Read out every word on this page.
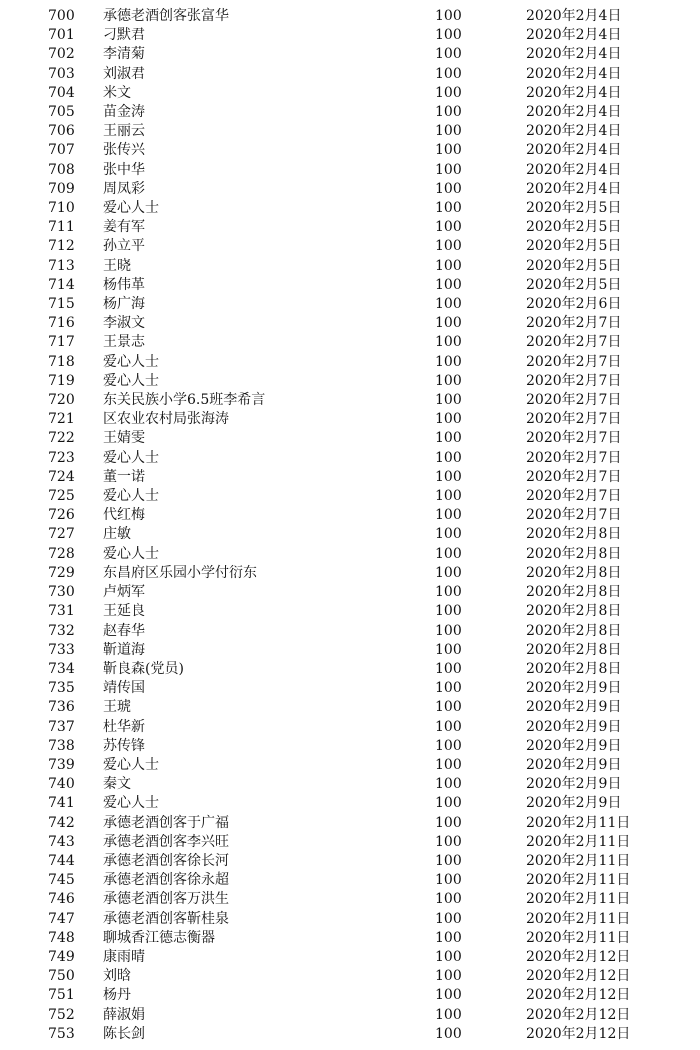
700	承德老酒创客张富华	100	2020年2月4日
701	刁默君	100	2020年2月4日
702	李清菊	100	2020年2月4日
703	刘淑君	100	2020年2月4日
704	米文	100	2020年2月4日
705	苗金涛	100	2020年2月4日
706	王丽云	100	2020年2月4日
707	张传兴	100	2020年2月4日
708	张中华	100	2020年2月4日
709	周凤彩	100	2020年2月4日
710	爱心人士	100	2020年2月5日
711	姜有军	100	2020年2月5日
712	孙立平	100	2020年2月5日
713	王晓	100	2020年2月5日
714	杨伟革	100	2020年2月5日
715	杨广海	100	2020年2月6日
716	李淑文	100	2020年2月7日
717	王景志	100	2020年2月7日
718	爱心人士	100	2020年2月7日
719	爱心人士	100	2020年2月7日
720	东关民族小学6.5班李希言	100	2020年2月7日
721	区农业农村局张海涛	100	2020年2月7日
722	王婧雯	100	2020年2月7日
723	爱心人士	100	2020年2月7日
724	董一诺	100	2020年2月7日
725	爱心人士	100	2020年2月7日
726	代红梅	100	2020年2月7日
727	庄敏	100	2020年2月8日
728	爱心人士	100	2020年2月8日
729	东昌府区乐园小学付衍东	100	2020年2月8日
730	卢炳军	100	2020年2月8日
731	王延良	100	2020年2月8日
732	赵春华	100	2020年2月8日
733	靳道海	100	2020年2月8日
734	靳良森(党员)	100	2020年2月8日
735	靖传国	100	2020年2月9日
736	王琥	100	2020年2月9日
737	杜华新	100	2020年2月9日
738	苏传锋	100	2020年2月9日
739	爱心人士	100	2020年2月9日
740	秦文	100	2020年2月9日
741	爱心人士	100	2020年2月9日
742	承德老酒创客于广福	100	2020年2月11日
743	承德老酒创客李兴旺	100	2020年2月11日
744	承德老酒创客徐长河	100	2020年2月11日
745	承德老酒创客徐永超	100	2020年2月11日
746	承德老酒创客万洪生	100	2020年2月11日
747	承德老酒创客靳桂泉	100	2020年2月11日
748	聊城香江德志衡器	100	2020年2月11日
749	康雨晴	100	2020年2月12日
750	刘晗	100	2020年2月12日
751	杨丹	100	2020年2月12日
752	薛淑娟	100	2020年2月12日
753	陈长剑	100	2020年2月12日
